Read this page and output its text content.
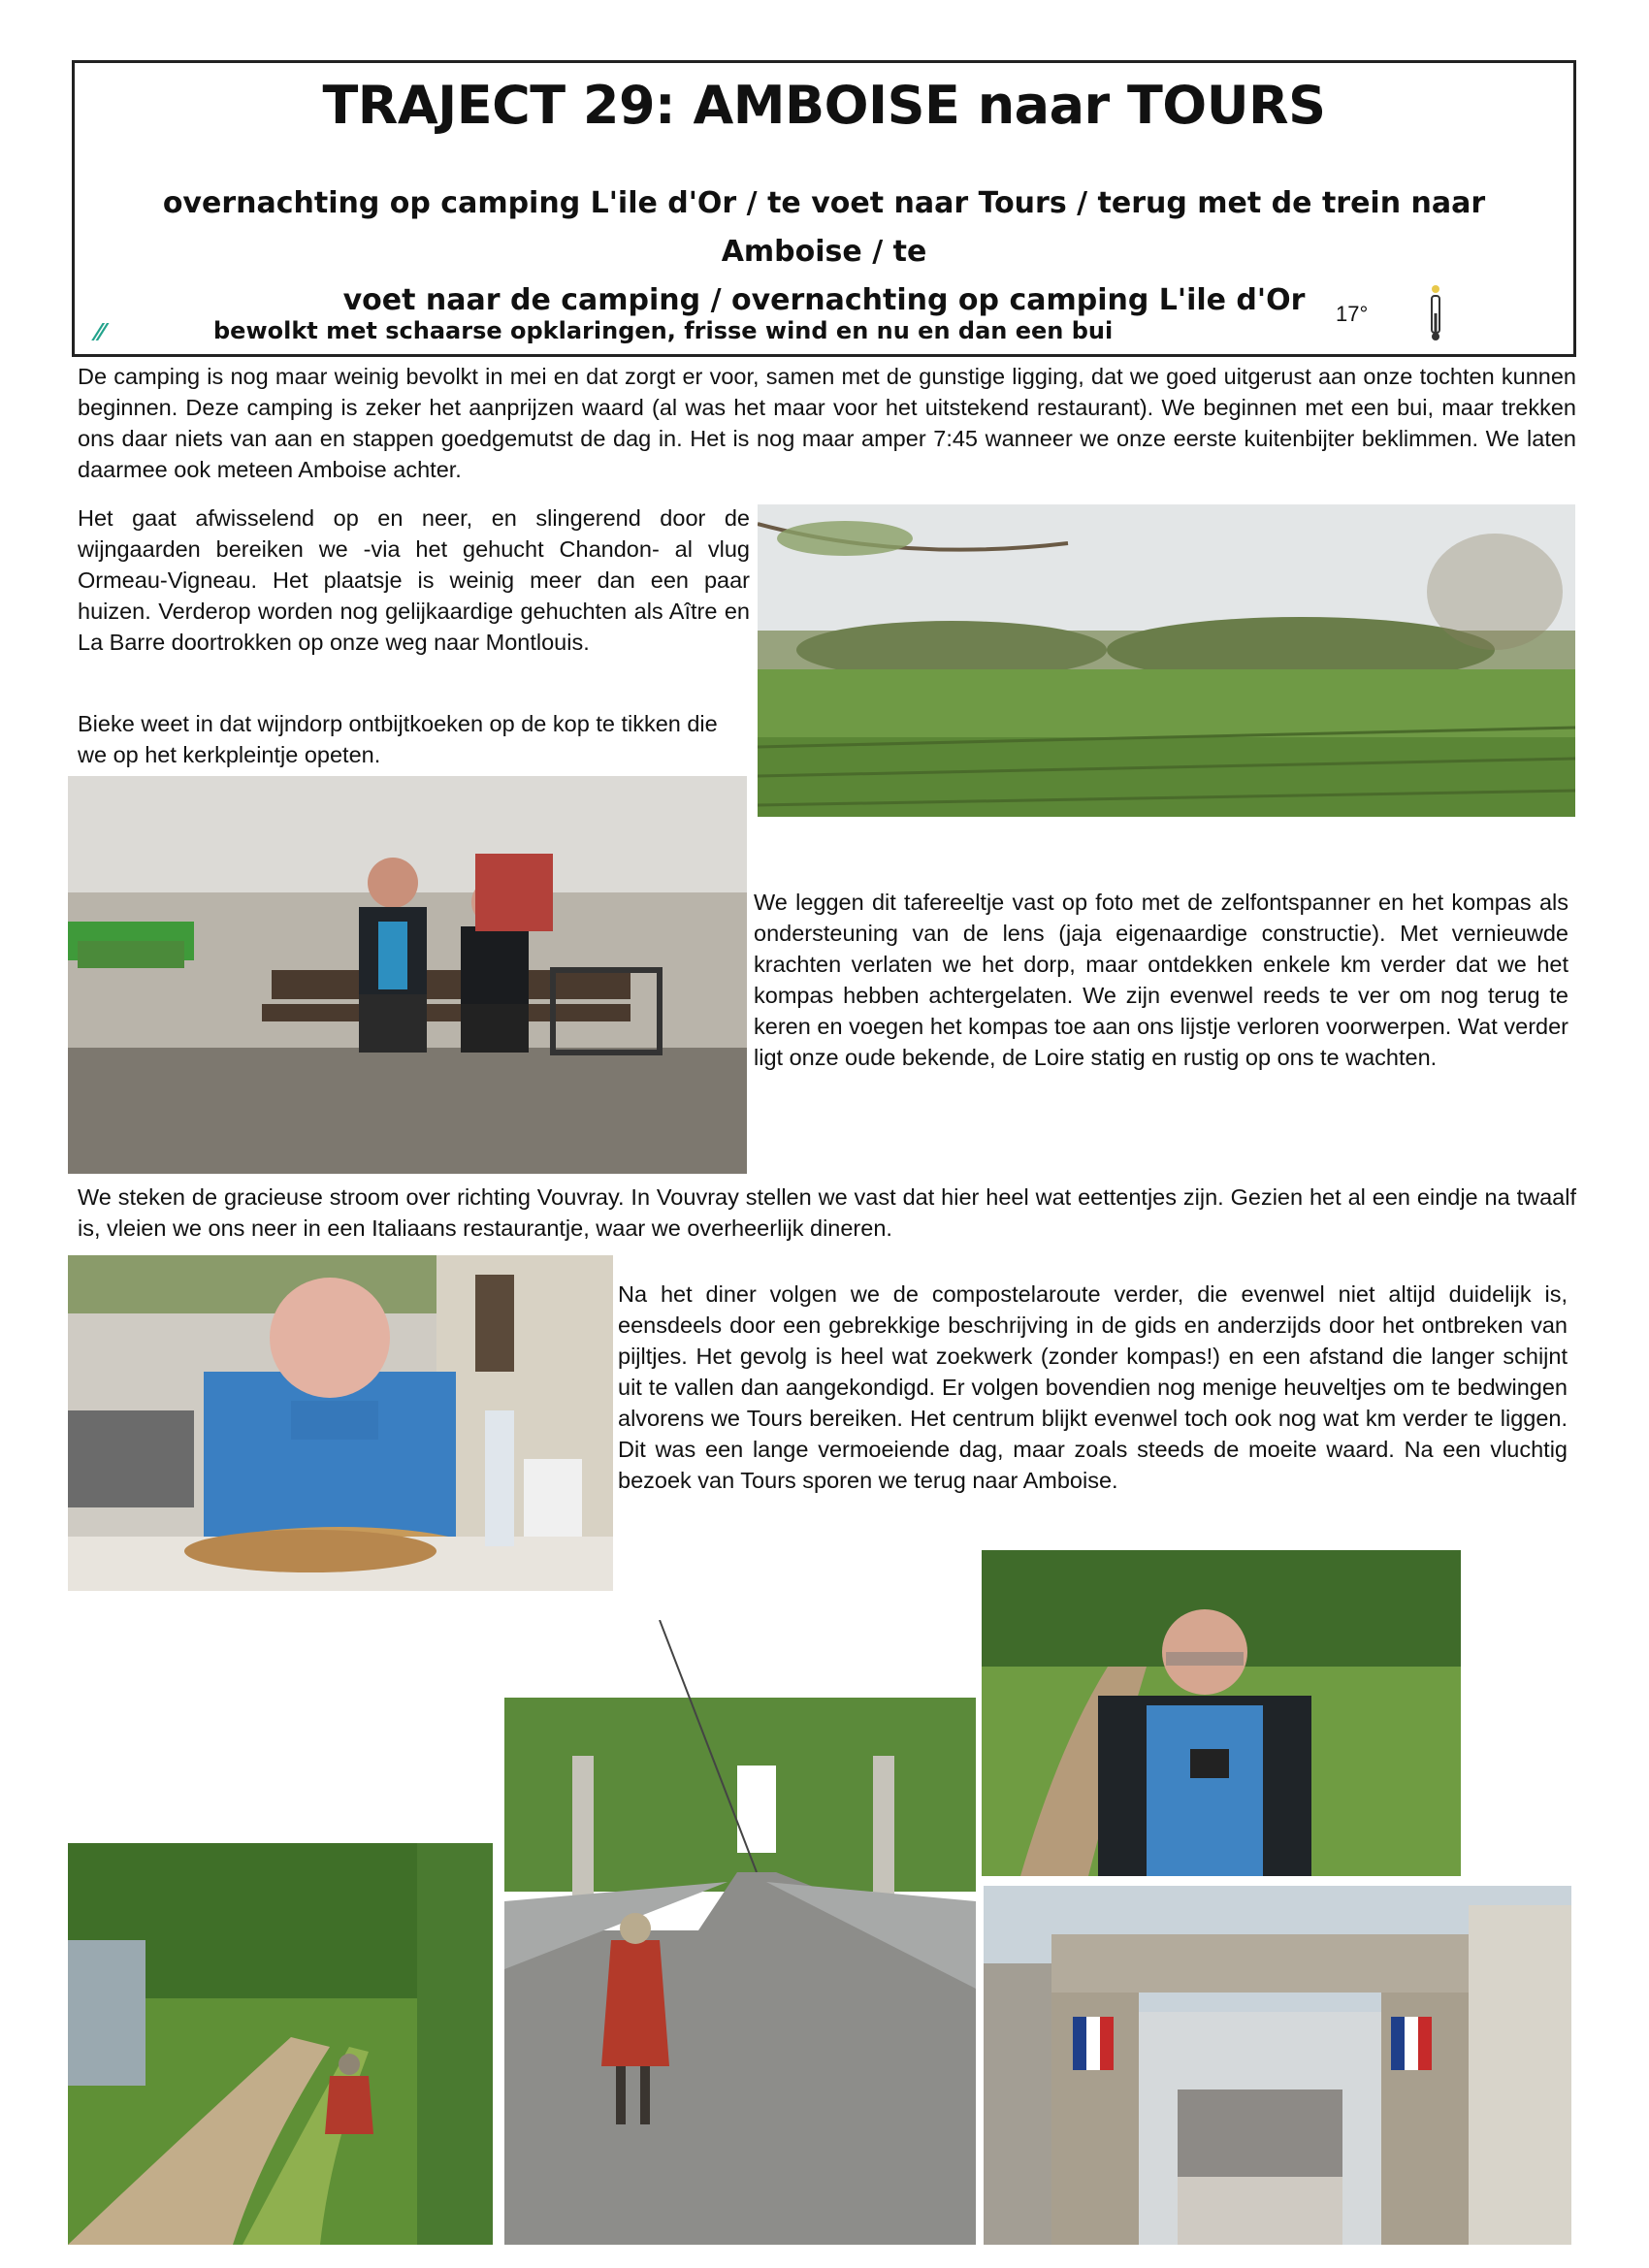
TRAJECT 29: AMBOISE naar TOURS
overnachting op camping L'ile d'Or / te voet naar Tours / terug met de trein naar Amboise / te
voet naar de camping / overnachting op camping L'ile d'Or
⁄⁄	bewolkt met schaarse opklaringen, frisse wind en nu en dan een bui
17°
De camping is nog maar weinig bevolkt in mei en dat zorgt er voor, samen met de gunstige ligging, dat we goed uitgerust aan onze tochten kunnen beginnen. Deze camping is zeker het aanprijzen waard (al was het maar voor het uitstekend restaurant). We beginnen met een bui, maar trekken ons daar niets van aan en stappen goedgemutst de dag in. Het is nog maar amper 7:45 wanneer we onze eerste kuitenbijter beklimmen. We laten daarmee ook meteen Amboise achter.
Het gaat afwisselend op en neer, en slingerend door de wijngaarden bereiken we -via het gehucht Chandon- al vlug Ormeau-Vigneau. Het plaatsje is weinig meer dan een paar huizen. Verderop worden nog gelijkaardige gehuchten als Aître en La Barre doortrokken op onze weg naar Montlouis.
Bieke weet in dat wijndorp ontbijtkoeken op de kop te tikken die we op het kerkpleintje opeten.
We leggen dit tafereeltje vast op foto met de zelfontspanner en het kompas als ondersteuning van de lens (jaja eigenaardige constructie). Met vernieuwde krachten verlaten we het dorp, maar ontdekken enkele km verder dat we het kompas hebben achtergelaten. We zijn evenwel reeds te ver om nog terug te keren en voegen het kompas toe aan ons lijstje verloren voorwerpen. Wat verder ligt onze oude bekende, de Loire statig en rustig op ons te wachten.
We steken de gracieuse stroom over richting Vouvray. In Vouvray stellen we vast dat hier heel wat eettentjes zijn. Gezien het al een eindje na twaalf is, vleien we ons neer in een Italiaans restaurantje, waar we overheerlijk dineren.
Na het diner volgen we de compostelaroute verder, die evenwel niet altijd duidelijk is, eensdeels door een gebrekkige beschrijving in de gids en anderzijds door het ontbreken van pijltjes. Het gevolg is heel wat zoekwerk (zonder kompas!) en een afstand die langer schijnt uit te vallen dan aangekondigd. Er volgen bovendien nog menige heuveltjes om te bedwingen alvorens we Tours bereiken. Het centrum blijkt evenwel toch ook nog wat km verder te liggen. Dit was een lange vermoeiende dag, maar zoals steeds de moeite waard. Na een vluchtig bezoek van Tours sporen we terug naar Amboise.
